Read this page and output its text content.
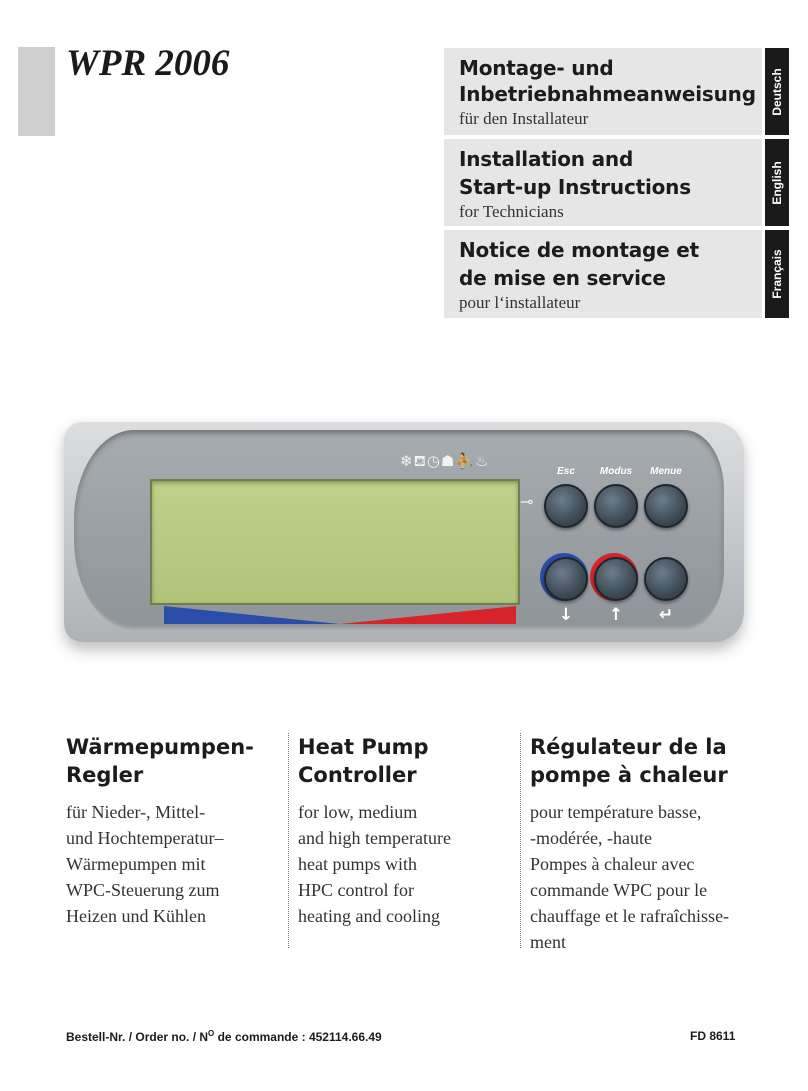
WPR 2006	Montage- und
Inbetriebnahmeanweisung
für den Installateur
Deutsch
Installation and
Start-up Instructions
for Technicians
English
Notice de montage et
de mise en service
pour l‘installateur
Français
❄⛾◷☗⛹♨
⊸
Esc	Modus	Menue
↓	↑	↵
Wärmepumpen-
Regler
für Nieder-, Mittel-
und Hochtemperatur–
Wärmepumpen mit
WPC-Steuerung zum
Heizen und Kühlen
Heat Pump
Controller
for low, medium
and high temperature
heat pumps with
HPC control for
heating and cooling
Régulateur de la
pompe à chaleur
pour température basse,
-modérée, -haute
Pompes à chaleur avec
commande WPC pour le
chauffage et le rafraîchisse-
ment
Bestell-Nr. / Order no. / $N^O$ de commande : 452114.66.49	FD 8611
